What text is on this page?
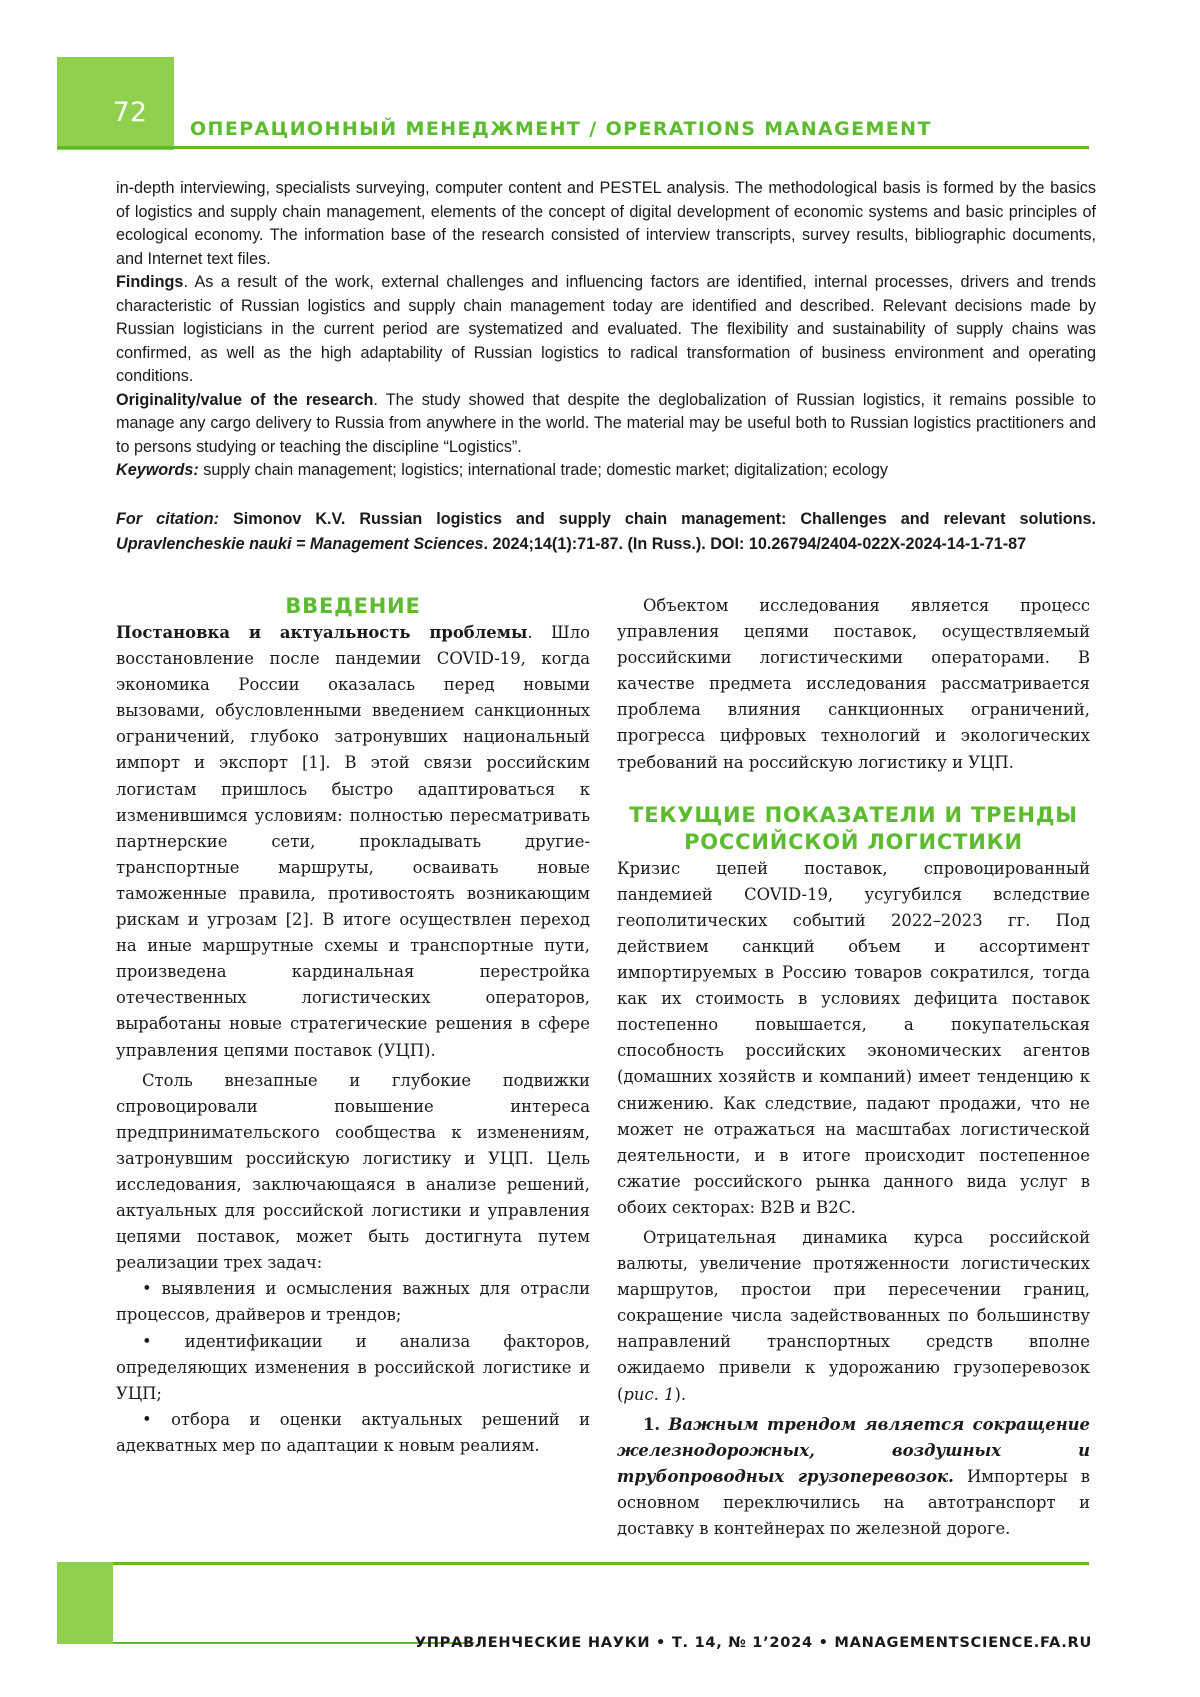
72
ОПЕРАЦИОННЫЙ МЕНЕДЖМЕНТ / OPERATIONS MANAGEMENT

in-depth interviewing, specialists surveying, computer content and PESTEL analysis. The methodological basis is formed by the basics of logistics and supply chain management, elements of the concept of digital development of economic systems and basic principles of ecological economy. The information base of the research consisted of interview transcripts, survey results, bibliographic documents, and Internet text files.

Findings. As a result of the work, external challenges and influencing factors are identified, internal processes, drivers and trends characteristic of Russian logistics and supply chain management today are identified and described. Relevant decisions made by Russian logisticians in the current period are systematized and evaluated. The flexibility and sustainability of supply chains was confirmed, as well as the high adaptability of Russian logistics to radical transformation of business environment and operating conditions.

Originality/value of the research. The study showed that despite the deglobalization of Russian logistics, it remains possible to manage any cargo delivery to Russia from anywhere in the world. The material may be useful both to Russian logistics practitioners and to persons studying or teaching the discipline “Logistics”.

Keywords: supply chain management; logistics; international trade; domestic market; digitalization; ecology

For citation: Simonov K.V. Russian logistics and supply chain management: Challenges and relevant solutions. Upravlencheskie nauki = Management Sciences. 2024;14(1):71-87. (In Russ.). DOI: 10.26794/2404-022X-2024-14-1-71-87
ВВЕДЕНИЕ

Постановка и актуальность проблемы. Шло восстановление после пандемии COVID-19, когда экономика России оказалась перед новыми вызовами, обусловленными введением санкционных ограничений, глубоко затронувших национальный импорт и экспорт [1]. В этой связи российским логистам пришлось быстро адаптироваться к изменившимся условиям: полностью пересматривать партнерские сети, прокладывать другие-транспортные маршруты, осваивать новые таможенные правила, противостоять возникающим рискам и угрозам [2]. В итоге осуществлен переход на иные маршрутные схемы и транспортные пути, произведена кардинальная перестройка отечественных логистических операторов, выработаны новые стратегические решения в сфере управления цепями поставок (УЦП).

Столь внезапные и глубокие подвижки спровоцировали повышение интереса предпринимательского сообщества к изменениям, затронувшим российскую логистику и УЦП. Цель исследования, заключающаяся в анализе решений, актуальных для российской логистики и управления цепями поставок, может быть достигнута путем реализации трех задач:

• выявления и осмысления важных для отрасли процессов, драйверов и трендов;

• идентификации и анализа факторов, определяющих изменения в российской логистике и УЦП;

• отбора и оценки актуальных решений и адекватных мер по адаптации к новым реалиям.

Объектом исследования является процесс управления цепями поставок, осуществляемый российскими логистическими операторами. В качестве предмета исследования рассматривается проблема влияния санкционных ограничений, прогресса цифровых технологий и экологических требований на российскую логистику и УЦП.

ТЕКУЩИЕ ПОКАЗАТЕЛИ И ТРЕНДЫ
РОССИЙСКОЙ ЛОГИСТИКИ

Кризис цепей поставок, спровоцированный пандемией COVID-19, усугубился вследствие геополитических событий 2022–2023 гг. Под действием санкций объем и ассортимент импортируемых в Россию товаров сократился, тогда как их стоимость в условиях дефицита поставок постепенно повышается, а покупательская способность российских экономических агентов (домашних хозяйств и компаний) имеет тенденцию к снижению. Как следствие, падают продажи, что не может не отражаться на масштабах логистической деятельности, и в итоге происходит постепенное сжатие российского рынка данного вида услуг в обоих секторах: B2B и B2C.

Отрицательная динамика курса российской валюты, увеличение протяженности логистических маршрутов, простои при пересечении границ, сокращение числа задействованных по большинству направлений транспортных средств вполне ожидаемо привели к удорожанию грузоперевозок (рис. 1).

1. Важным трендом является сокращение железнодорожных, воздушных и трубопроводных грузоперевозок. Импортеры в основном переключились на автотранспорт и доставку в контейнерах по железной дороге.

УПРАВЛЕНЧЕСКИЕ НАУКИ • Т. 14, № 1’2024 • MANAGEMENTSCIENCE.FA.RU
